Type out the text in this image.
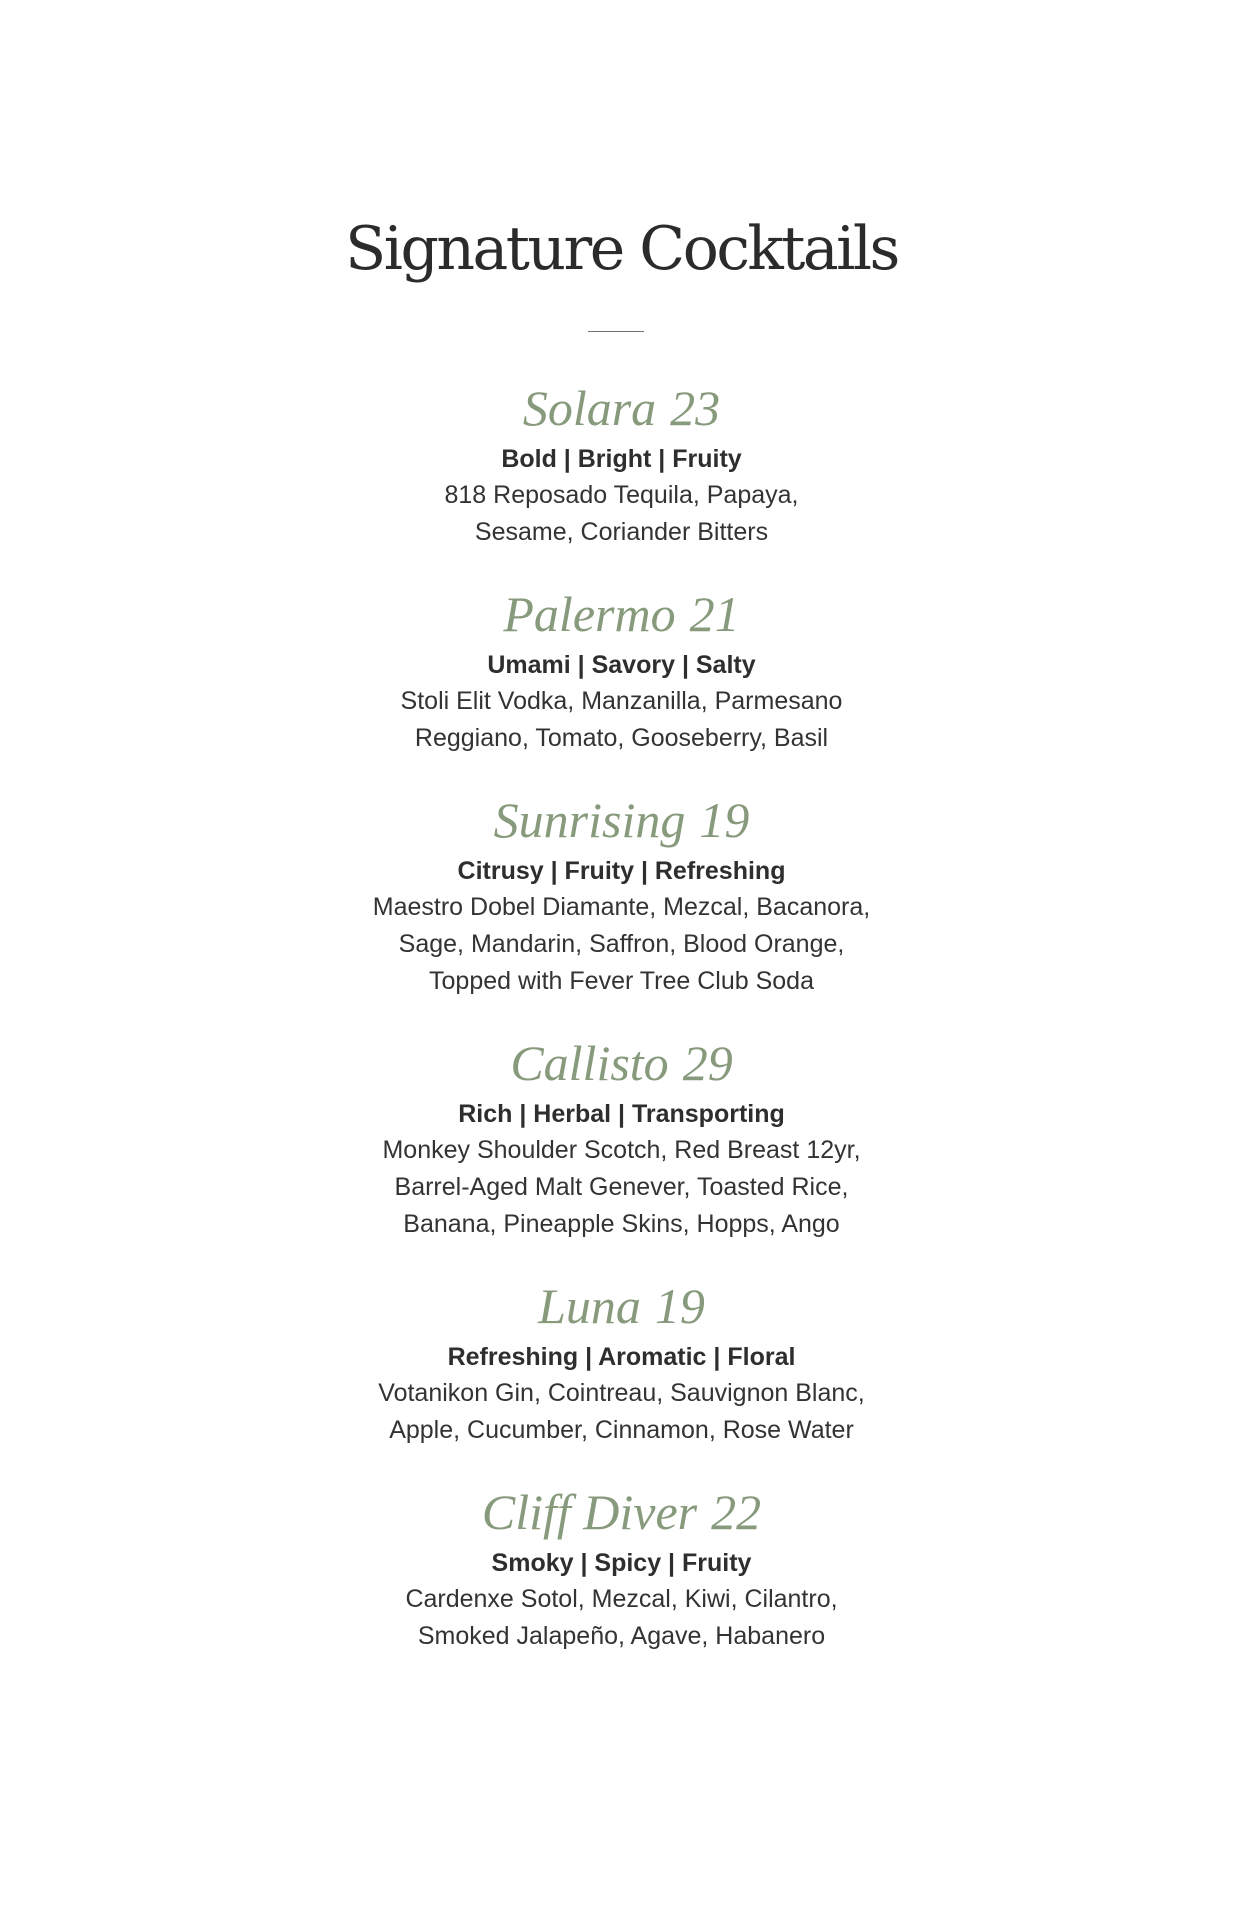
Signature Cocktails
Solara 23
Bold | Bright | Fruity
818 Reposado Tequila, Papaya,
Sesame, Coriander Bitters
Palermo 21
Umami | Savory | Salty
Stoli Elit Vodka, Manzanilla, Parmesano
Reggiano, Tomato, Gooseberry, Basil
Sunrising 19
Citrusy | Fruity | Refreshing
Maestro Dobel Diamante, Mezcal, Bacanora,
Sage, Mandarin, Saffron, Blood Orange,
Topped with Fever Tree Club Soda
Callisto 29
Rich | Herbal | Transporting
Monkey Shoulder Scotch, Red Breast 12yr,
Barrel-Aged Malt Genever, Toasted Rice,
Banana, Pineapple Skins, Hopps, Ango
Luna 19
Refreshing | Aromatic | Floral
Votanikon Gin, Cointreau, Sauvignon Blanc,
Apple, Cucumber, Cinnamon, Rose Water
Cliff Diver 22
Smoky | Spicy | Fruity
Cardenxe Sotol, Mezcal, Kiwi, Cilantro,
Smoked Jalapeño, Agave, Habanero
